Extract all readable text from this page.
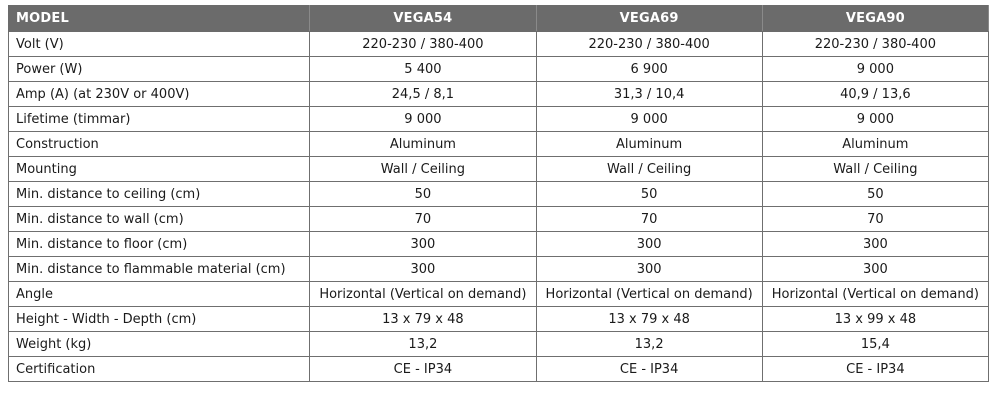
MODEL	VEGA54	VEGA69	VEGA90
Volt (V)	220-230 / 380-400	220-230 / 380-400	220-230 / 380-400
Power (W)	5 400	6 900	9 000
Amp (A) (at 230V or 400V)	24,5 / 8,1	31,3 / 10,4	40,9 / 13,6
Lifetime (timmar)	9 000	9 000	9 000
Construction	Aluminum	Aluminum	Aluminum
Mounting	Wall / Ceiling	Wall / Ceiling	Wall / Ceiling
Min. distance to ceiling (cm)	50	50	50
Min. distance to wall (cm)	70	70	70
Min. distance to floor (cm)	300	300	300
Min. distance to flammable material (cm)	300	300	300
Angle	Horizontal (Vertical on demand)	Horizontal (Vertical on demand)	Horizontal (Vertical on demand)
Height - Width - Depth (cm)	13 x 79 x 48	13 x 79 x 48	13 x 99 x 48
Weight (kg)	13,2	13,2	15,4
Certification	CE - IP34	CE - IP34	CE - IP34
